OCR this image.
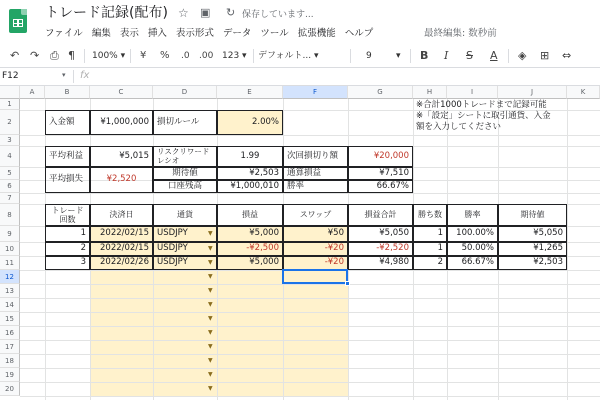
トレード記録(配布) ☆ ▣ ↻ 保存しています...
ファイル 編集 表示 挿入 表示形式 データ ツール 拡張機能 ヘルプ	最終編集: 数秒前
↶ ↷ ⎙ ¶ 100% ▾ ¥ % .0 .00 123 ▾ デフォルト... ▾	9	▾ B I S A ◈ ⊞ ⇔
F12	▾ fx
A	B	C	D	E	F	G	H	I	J	K
1
2
3
4
5
6
7
8
9
10
11
12
13
14
15
16
17
18
19
20
※合計1000トレードまで記録可能
※「設定」シートに取引通貨、入金
額を入力してください
入金額	¥1,000,000 損切ルール	2.00%
平均利益	¥5,015	リスクリワード
レシオ	1.99	次回損切り額	¥20,000
平均損失	¥2,520
期待値	¥2,503 通算損益	¥7,510
口座残高	¥1,000,010 勝率	66.67%
トレード
回数
決済日	通貨	損益	スワップ	損益合計	勝ち数	勝率	期待値
1	2022/02/15 USDJPY	¥5,000	¥50	¥5,050	1	100.00%	¥5,050
2	2022/02/15 USDJPY	-¥2,500	-¥20	-¥2,520	1	50.00%	¥1,265
3	2022/02/26 USDJPY	¥5,000	-¥20	¥4,980	2	66.67%	¥2,503
▼
▼
▼
▼
▼
▼
▼
▼
▼
▼
▼
▼
